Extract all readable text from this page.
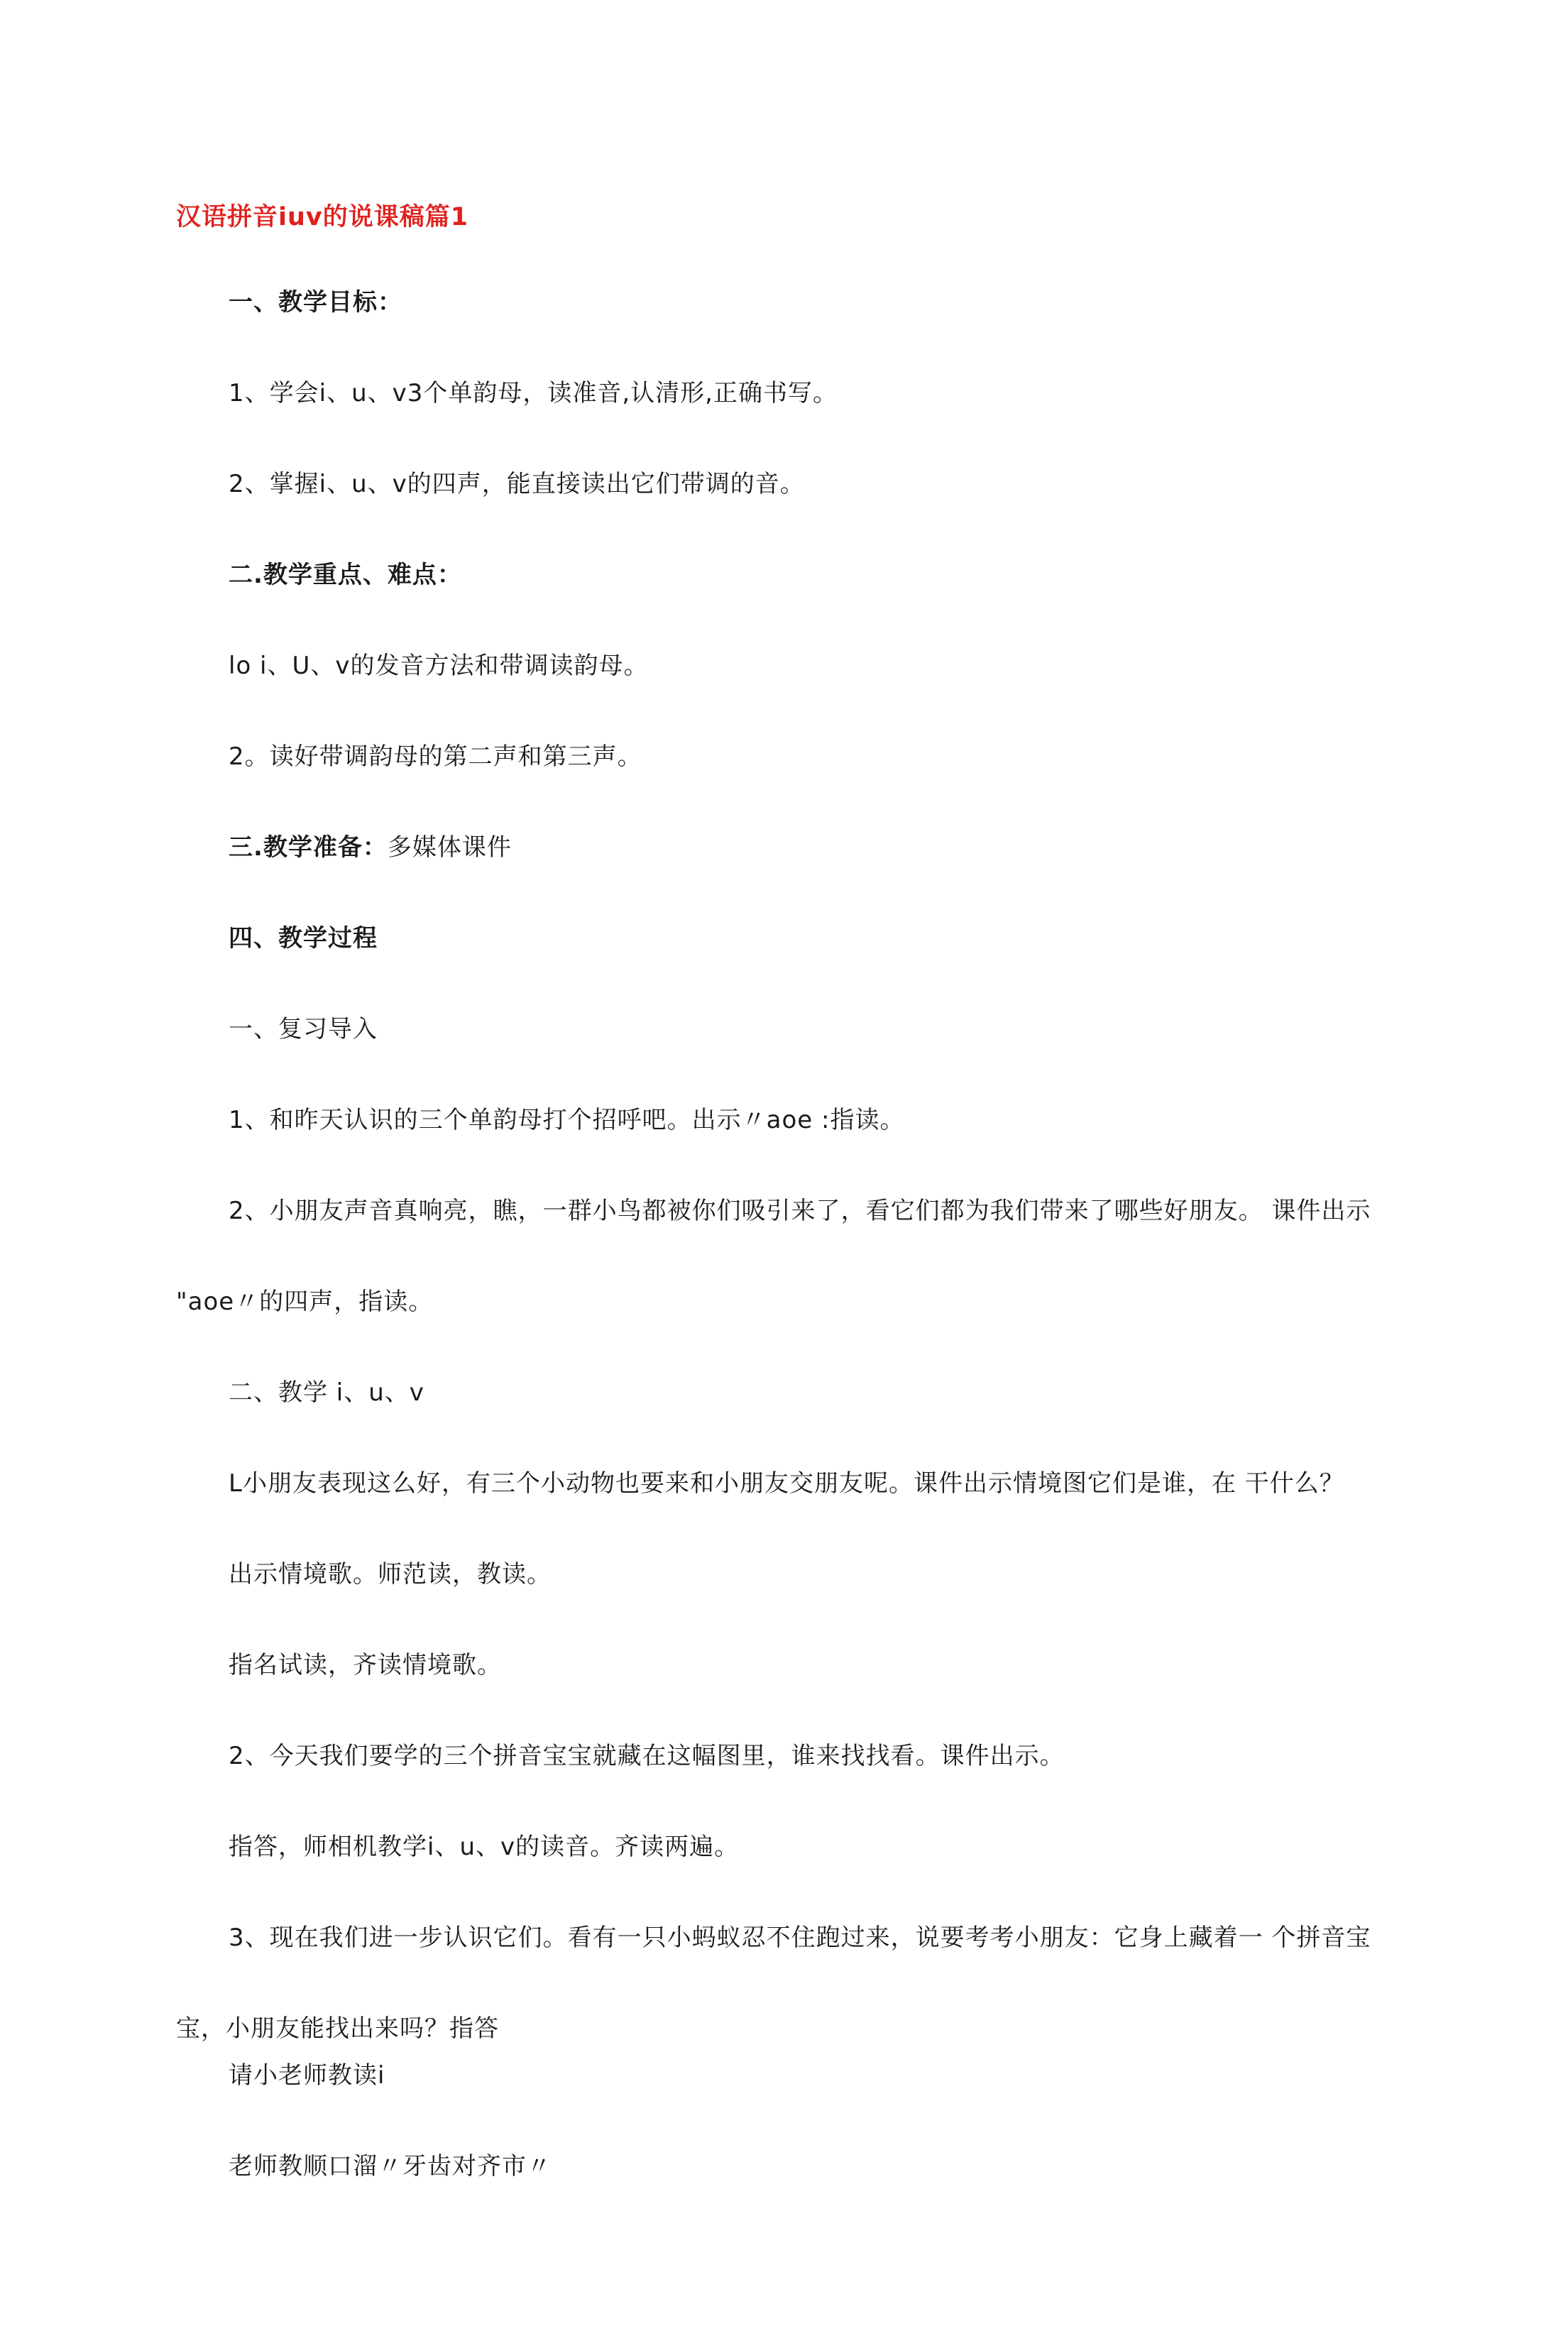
汉语拼音iuv的说课稿篇1
一、教学目标：
1、学会i、u、v3个单韵母，读准音,认清形,正确书写。
2、掌握i、u、v的四声，能直接读出它们带调的音。
二.教学重点、难点：
lo i、U、v的发音方法和带调读韵母。
2。读好带调韵母的第二声和第三声。
三.教学准备：多媒体课件
四、教学过程
一、复习导入
1、和昨天认识的三个单韵母打个招呼吧。出示〃aoe :指读。
2、小朋友声音真响亮，瞧，一群小鸟都被你们吸引来了，看它们都为我们带来了哪些好朋友。 课件出示
"aoe〃的四声，指读。
二、教学 i、u、v
L小朋友表现这么好，有三个小动物也要来和小朋友交朋友呢。课件出示情境图它们是谁，在 干什么？
出示情境歌。师范读，教读。
指名试读，齐读情境歌。
2、今天我们要学的三个拼音宝宝就藏在这幅图里，谁来找找看。课件出示。
指答，师相机教学i、u、v的读音。齐读两遍。
3、现在我们进一步认识它们。看有一只小蚂蚁忍不住跑过来，说要考考小朋友：它身上藏着一 个拼音宝
宝，小朋友能找出来吗？指答
请小老师教读i
老师教顺口溜〃牙齿对齐市〃
